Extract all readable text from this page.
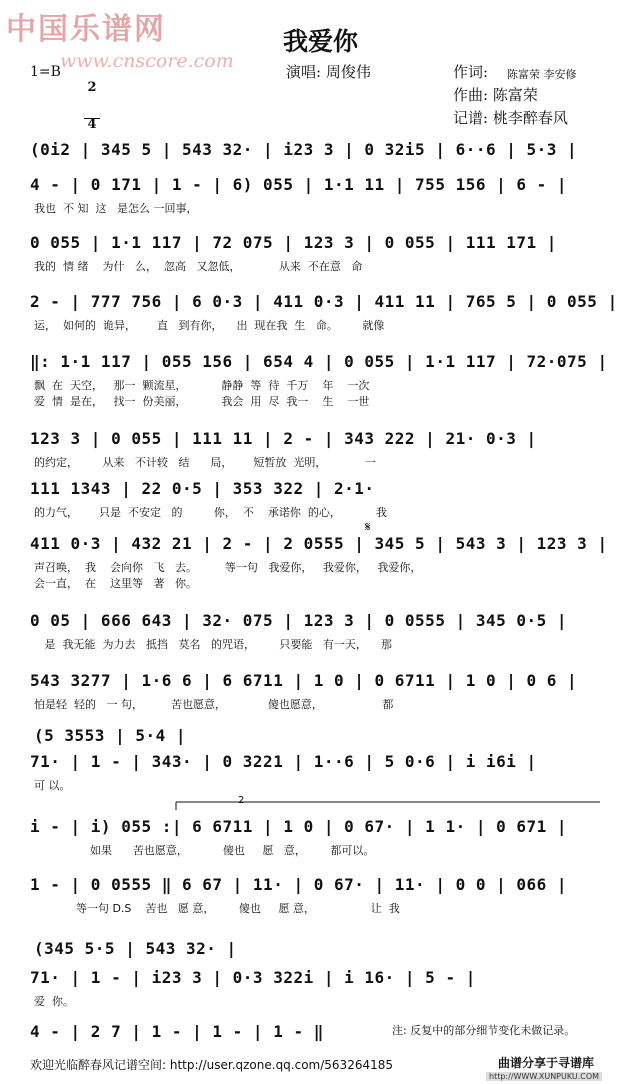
中国乐谱网
www.cnscore.com
我爱你
1=B

$\frac{2}{4}$	演唱: 周俊伟	作词: 陈富荣 李安修
作曲: 陈富荣
记谱: 桃李醉春风
(0i2 | 345 5 | 543 32· | i23 3 | 0 32i5 | 6··6 | 5·3 |
4 - | 0 171 | 1 - | 6) 055 | 1·1 11 | 755 156 | 6 - |
我也  不 知  这   是怎么 一回事，
0 055 | 1·1 117 | 72 075 | 123 3 | 0 055 | 111 171 |
我的  情 绪    为什   么，  忽高   又忽低，           从来  不在意   命
2 - | 777 756 | 6 0·3 | 411 0·3 | 411 11 | 765 5 | 0 055 |
运，  如何的  诡异，      直   到有你，    出  现在我  生   命。       就像
‖: 1·1 117 | 055 156 | 654 4 | 0 055 | 1·1 117 | 72·075 |
飘  在  天空，   那一  颗流星，          静静  等  待  千万    年    一次
爱  情  是在，   找一  份美丽，          我会  用  尽  我一    生    一世
123 3 | 0 055 | 111 11 | 2 - | 343 222 | 21· 0·3 |
的约定，       从来   不计较   结      局，      短暂放  光明，           一
111 1343 | 22 0·5 | 353 322 | 2·1·
的力气，      只是  不安定   的         你，  不    承诺你  的心，          我
411 0·3 | 432 21 | 2 - | 2 0555 | 345 5 | 543 3 | 123 3 |
声召唤，  我    会向你   飞   去。        等一句   我爱你，   我爱你，   我爱你，
会一直，  在    这里等   著   你。
0 05 | 666 643 | 32· 075 | 123 3 | 0 0555 | 345 0·5 |
是  我无能  为力去   抵挡   莫名   的咒语，       只要能   有一天，    那
543 3277 | 1·6 6 | 6 6711 | 1 0 | 0 6711 | 1 0 | 0 6 |
怕是轻  轻的   一 句，        苦也愿意，            傻也愿意，                 都
(5 3553 | 5·4 |
71· | 1 - | 343· | 0 3221 | 1··6 | 5 0·6 | i i6i |
可 以。
i - | i) 055 :| 6 6711 | 1 0 | 0 67· | 1 1· | 0 671 |
如果      苦也愿意，          傻也     愿   意，       都可以。
1 - | 0 0555 ‖ 6 67 | 11· | 0 67· | 11· | 0 0 | 066 |
等一句 D.S    苦也   愿 意，       傻也     愿 意，                让  我
(345 5·5 | 543 32· |
71· | 1 - | i23 3 | 0·3 322i | i 16· | 5 - |
爱  你。
4 - | 2 7 | 1 - | 1 - | 1 - ‖
2
𝄋
注: 反复中的部分细节变化未做记录。
欢迎光临醉春风记谱空间: http://user.qzone.qq.com/563264185	曲谱分享于寻谱库
http://WWW.XUNPUKU.COM
